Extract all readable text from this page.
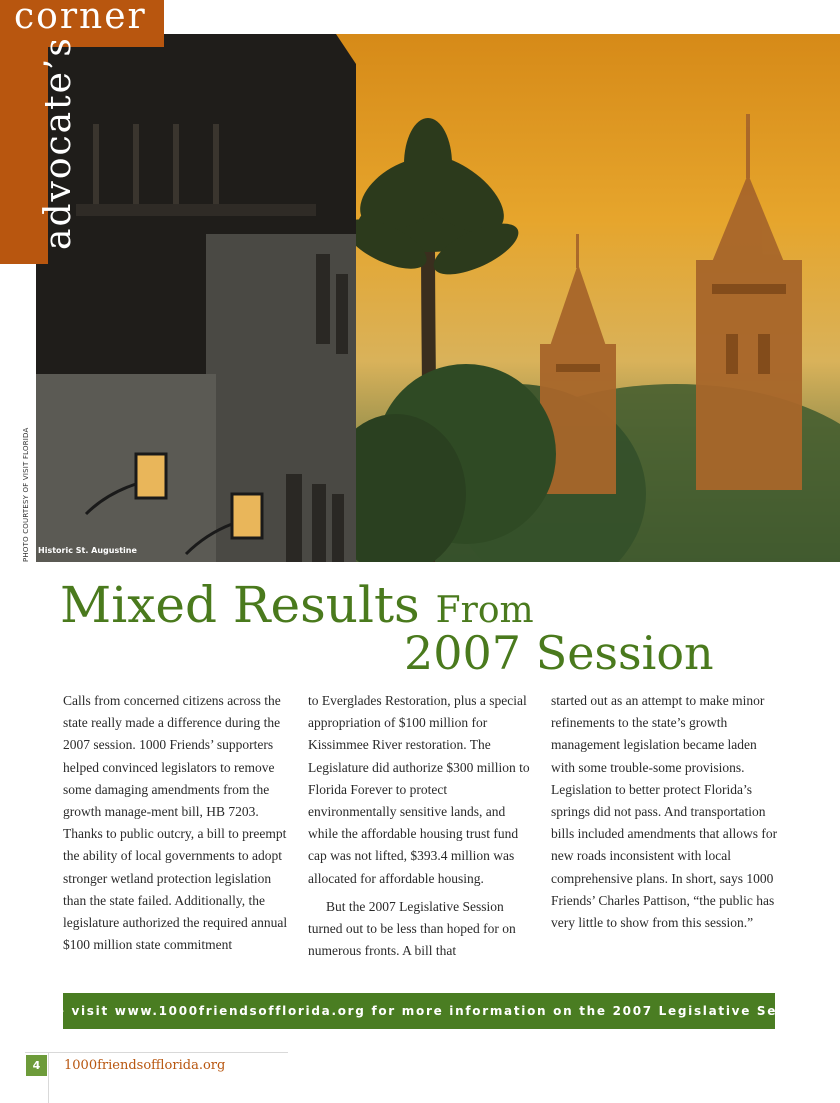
Historic St. Augustine
PHOTO COURTESY OF VISIT FLORIDA
corner
advocate’s
Mixed Results From
2007 Session

Calls from concerned citizens across the state really made a difference during the 2007 session. 1000 Friends’ supporters helped convinced legislators to remove some damaging amendments from the growth manage-ment bill, HB 7203. Thanks to public outcry, a bill to preempt the ability of local governments to adopt stronger wetland protection legislation than the state failed. Additionally, the legislature authorized the required annual $100 million state commitment

to Everglades Restoration, plus a special appropriation of $100 million for Kissimmee River restoration. The Legislature did authorize $300 million to Florida Forever to protect environmentally sensitive lands, and while the affordable housing trust fund cap was not lifted, $393.4 million was allocated for affordable housing.

But the 2007 Legislative Session turned out to be less than hoped for on numerous fronts. A bill that

started out as an attempt to make minor refinements to the state’s growth management legislation became laden with some trouble-some provisions. Legislation to better protect Florida’s springs did not pass. And transportation bills included amendments that allows for new roads inconsistent with local comprehensive plans. In short, says 1000 Friends’ Charles Pattison, “the public has very little to show from this session.”

Please visit www.1000friendsofflorida.org for more information on the 2007 Legislative Session.
4	1000friendsofflorida.org
